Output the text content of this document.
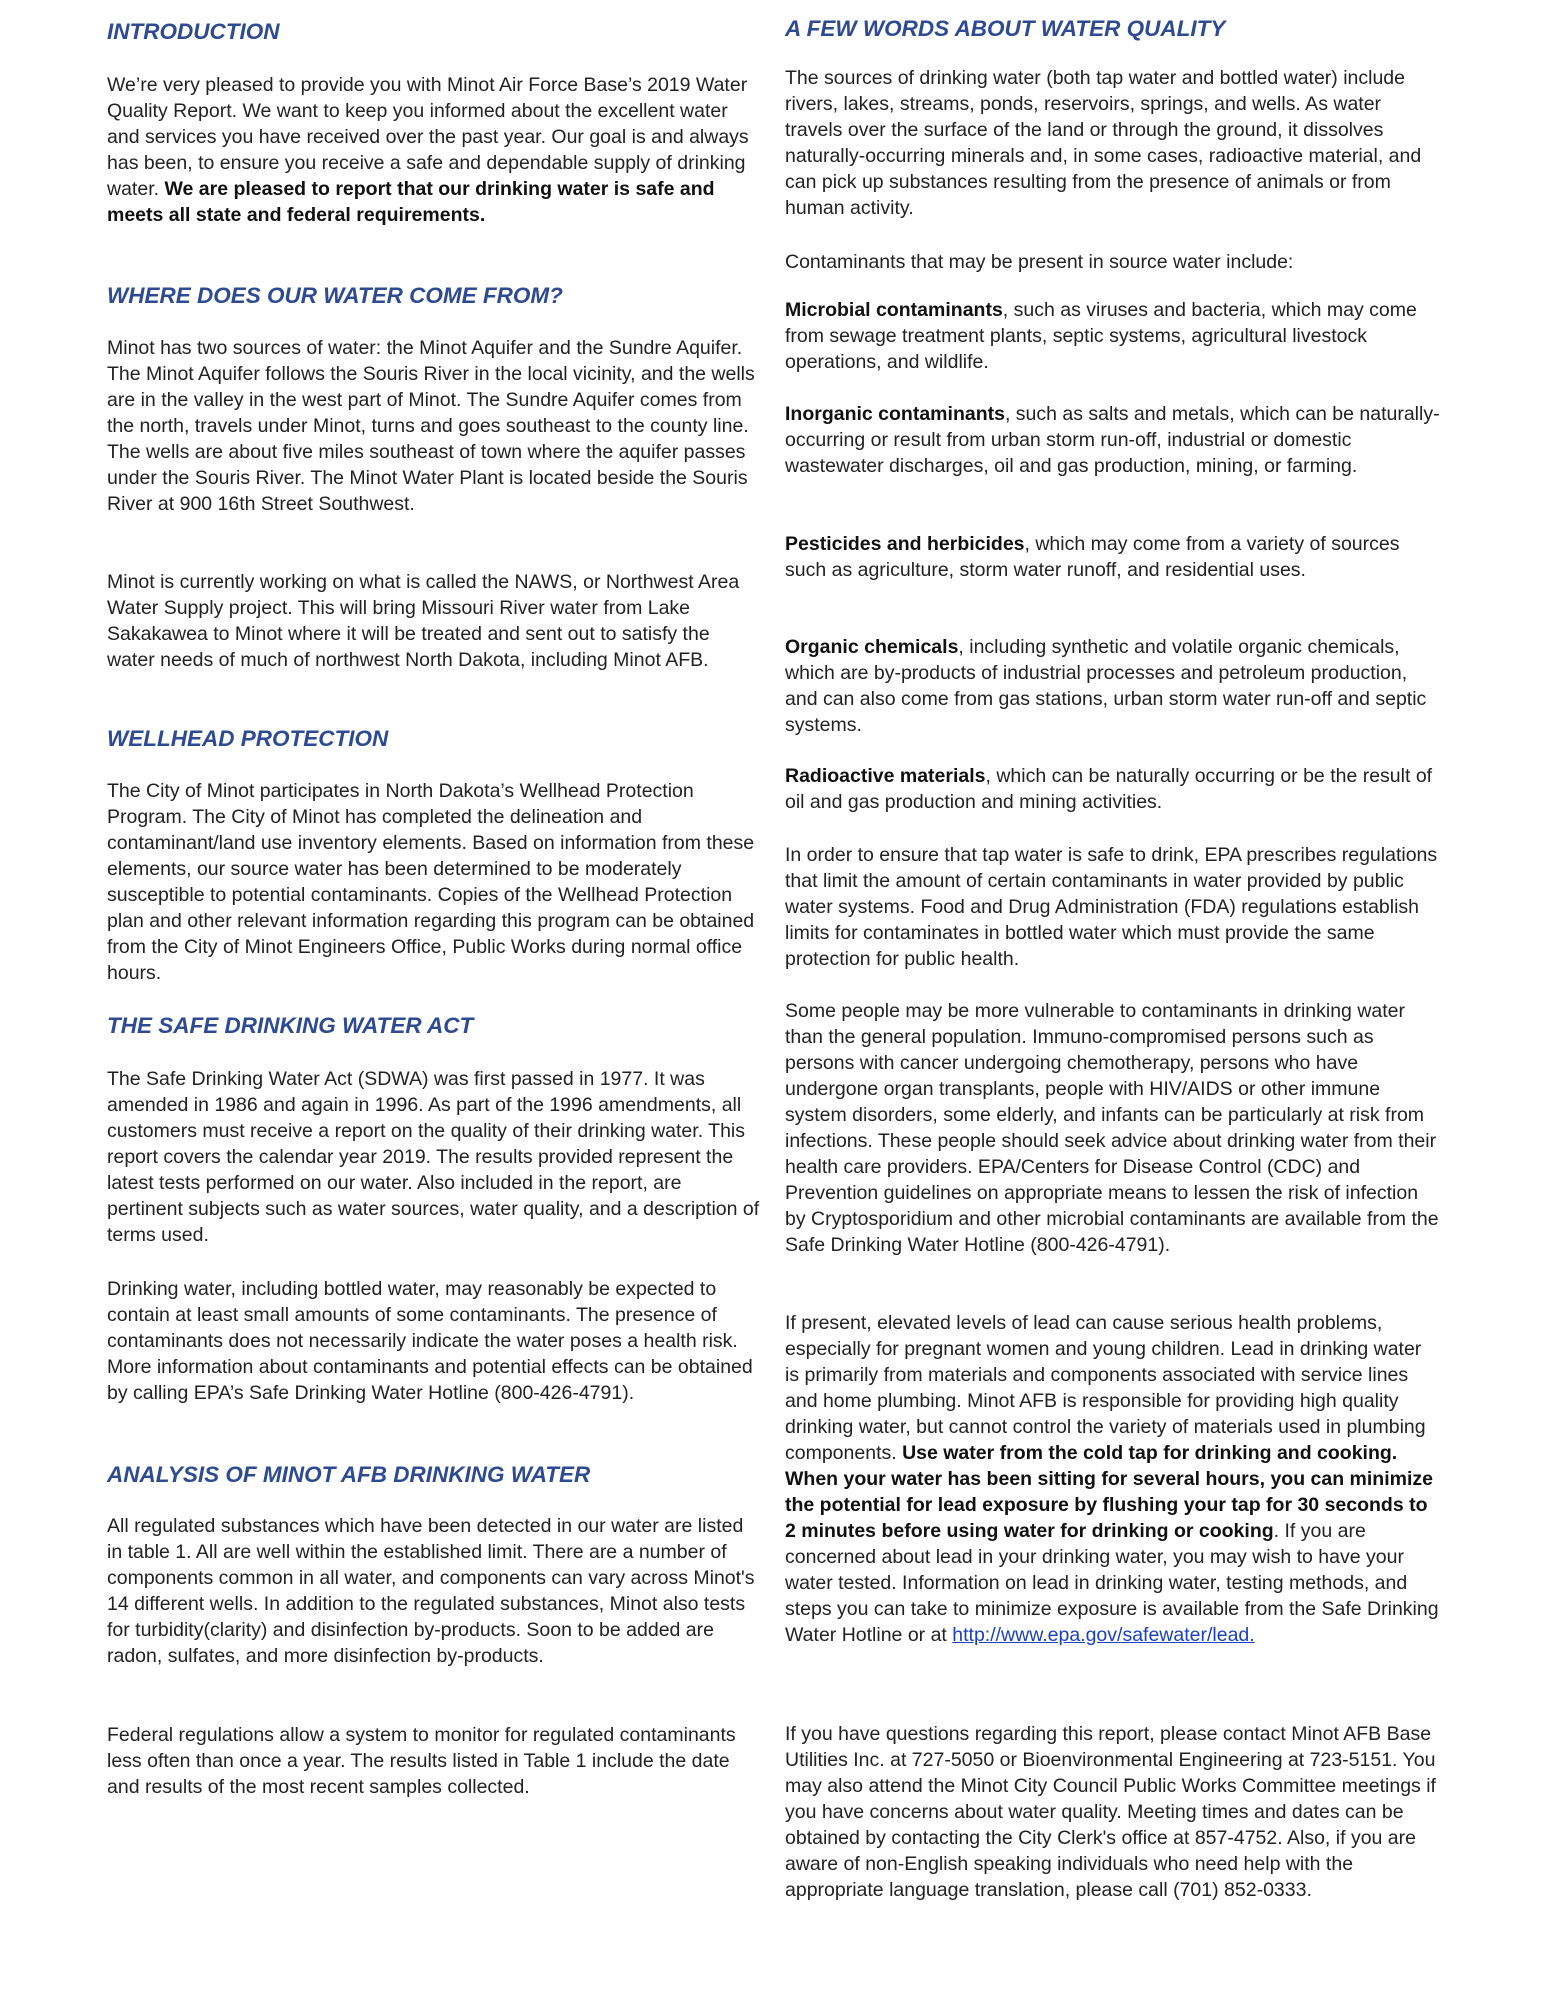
INTRODUCTION

We’re very pleased to provide you with Minot Air Force Base’s 2019 Water Quality Report. We want to keep you informed about the excellent water and services you have received over the past year. Our goal is and always has been, to ensure you receive a safe and dependable supply of drinking water. We are pleased to report that our drinking water is safe and meets all state and federal requirements.

WHERE DOES OUR WATER COME FROM?

Minot has two sources of water: the Minot Aquifer and the Sundre Aquifer. The Minot Aquifer follows the Souris River in the local vicinity, and the wells are in the valley in the west part of Minot. The Sundre Aquifer comes from the north, travels under Minot, turns and goes southeast to the county line. The wells are about five miles southeast of town where the aquifer passes under the Souris River. The Minot Water Plant is located beside the Souris River at 900 16th Street Southwest.

Minot is currently working on what is called the NAWS, or Northwest Area Water Supply project. This will bring Missouri River water from Lake Sakakawea to Minot where it will be treated and sent out to satisfy the water needs of much of northwest North Dakota, including Minot AFB.

WELLHEAD PROTECTION

The City of Minot participates in North Dakota’s Wellhead Protection Program. The City of Minot has completed the delineation and contaminant/land use inventory elements. Based on information from these elements, our source water has been determined to be moderately susceptible to potential contaminants. Copies of the Wellhead Protection plan and other relevant information regarding this program can be obtained from the City of Minot Engineers Office, Public Works during normal office hours.

THE SAFE DRINKING WATER ACT

The Safe Drinking Water Act (SDWA) was first passed in 1977. It was amended in 1986 and again in 1996. As part of the 1996 amendments, all customers must receive a report on the quality of their drinking water. This report covers the calendar year 2019. The results provided represent the latest tests performed on our water. Also included in the report, are pertinent subjects such as water sources, water quality, and a description of terms used.

Drinking water, including bottled water, may reasonably be expected to contain at least small amounts of some contaminants. The presence of contaminants does not necessarily indicate the water poses a health risk. More information about contaminants and potential effects can be obtained by calling EPA’s Safe Drinking Water Hotline (800-426-4791).

ANALYSIS OF MINOT AFB DRINKING WATER

All regulated substances which have been detected in our water are listed in table 1. All are well within the established limit. There are a number of components common in all water, and components can vary across Minot's 14 different wells. In addition to the regulated substances, Minot also tests for turbidity(clarity) and disinfection by-products. Soon to be added are radon, sulfates, and more disinfection by-products.

Federal regulations allow a system to monitor for regulated contaminants less often than once a year. The results listed in Table 1 include the date and results of the most recent samples collected.

A FEW WORDS ABOUT WATER QUALITY

The sources of drinking water (both tap water and bottled water) include rivers, lakes, streams, ponds, reservoirs, springs, and wells. As water travels over the surface of the land or through the ground, it dissolves naturally-occurring minerals and, in some cases, radioactive material, and can pick up substances resulting from the presence of animals or from human activity.

Contaminants that may be present in source water include:

Microbial contaminants, such as viruses and bacteria, which may come from sewage treatment plants, septic systems, agricultural livestock operations, and wildlife.

Inorganic contaminants, such as salts and metals, which can be naturally- occurring or result from urban storm run-off, industrial or domestic wastewater discharges, oil and gas production, mining, or farming.

Pesticides and herbicides, which may come from a variety of sources such as agriculture, storm water runoff, and residential uses.

Organic chemicals, including synthetic and volatile organic chemicals, which are by-products of industrial processes and petroleum production, and can also come from gas stations, urban storm water run-off and septic systems.

Radioactive materials, which can be naturally occurring or be the result of oil and gas production and mining activities.

In order to ensure that tap water is safe to drink, EPA prescribes regulations that limit the amount of certain contaminants in water provided by public water systems. Food and Drug Administration (FDA) regulations establish limits for contaminates in bottled water which must provide the same protection for public health.

Some people may be more vulnerable to contaminants in drinking water than the general population. Immuno-compromised persons such as persons with cancer undergoing chemotherapy, persons who have undergone organ transplants, people with HIV/AIDS or other immune system disorders, some elderly, and infants can be particularly at risk from infections. These people should seek advice about drinking water from their health care providers. EPA/Centers for Disease Control (CDC) and Prevention guidelines on appropriate means to lessen the risk of infection by Cryptosporidium and other microbial contaminants are available from the Safe Drinking Water Hotline (800-426-4791).

If present, elevated levels of lead can cause serious health problems, especially for pregnant women and young children. Lead in drinking water is primarily from materials and components associated with service lines and home plumbing. Minot AFB is responsible for providing high quality drinking water, but cannot control the variety of materials used in plumbing components. Use water from the cold tap for drinking and cooking. When your water has been sitting for several hours, you can minimize the potential for lead exposure by flushing your tap for 30 seconds to 2 minutes before using water for drinking or cooking. If you are concerned about lead in your drinking water, you may wish to have your water tested. Information on lead in drinking water, testing methods, and steps you can take to minimize exposure is available from the Safe Drinking Water Hotline or at http://www.epa.gov/safewater/lead.

If you have questions regarding this report, please contact Minot AFB Base Utilities Inc. at 727-5050 or Bioenvironmental Engineering at 723-5151. You may also attend the Minot City Council Public Works Committee meetings if you have concerns about water quality. Meeting times and dates can be obtained by contacting the City Clerk's office at 857-4752. Also, if you are aware of non-English speaking individuals who need help with the appropriate language translation, please call (701) 852-0333.
